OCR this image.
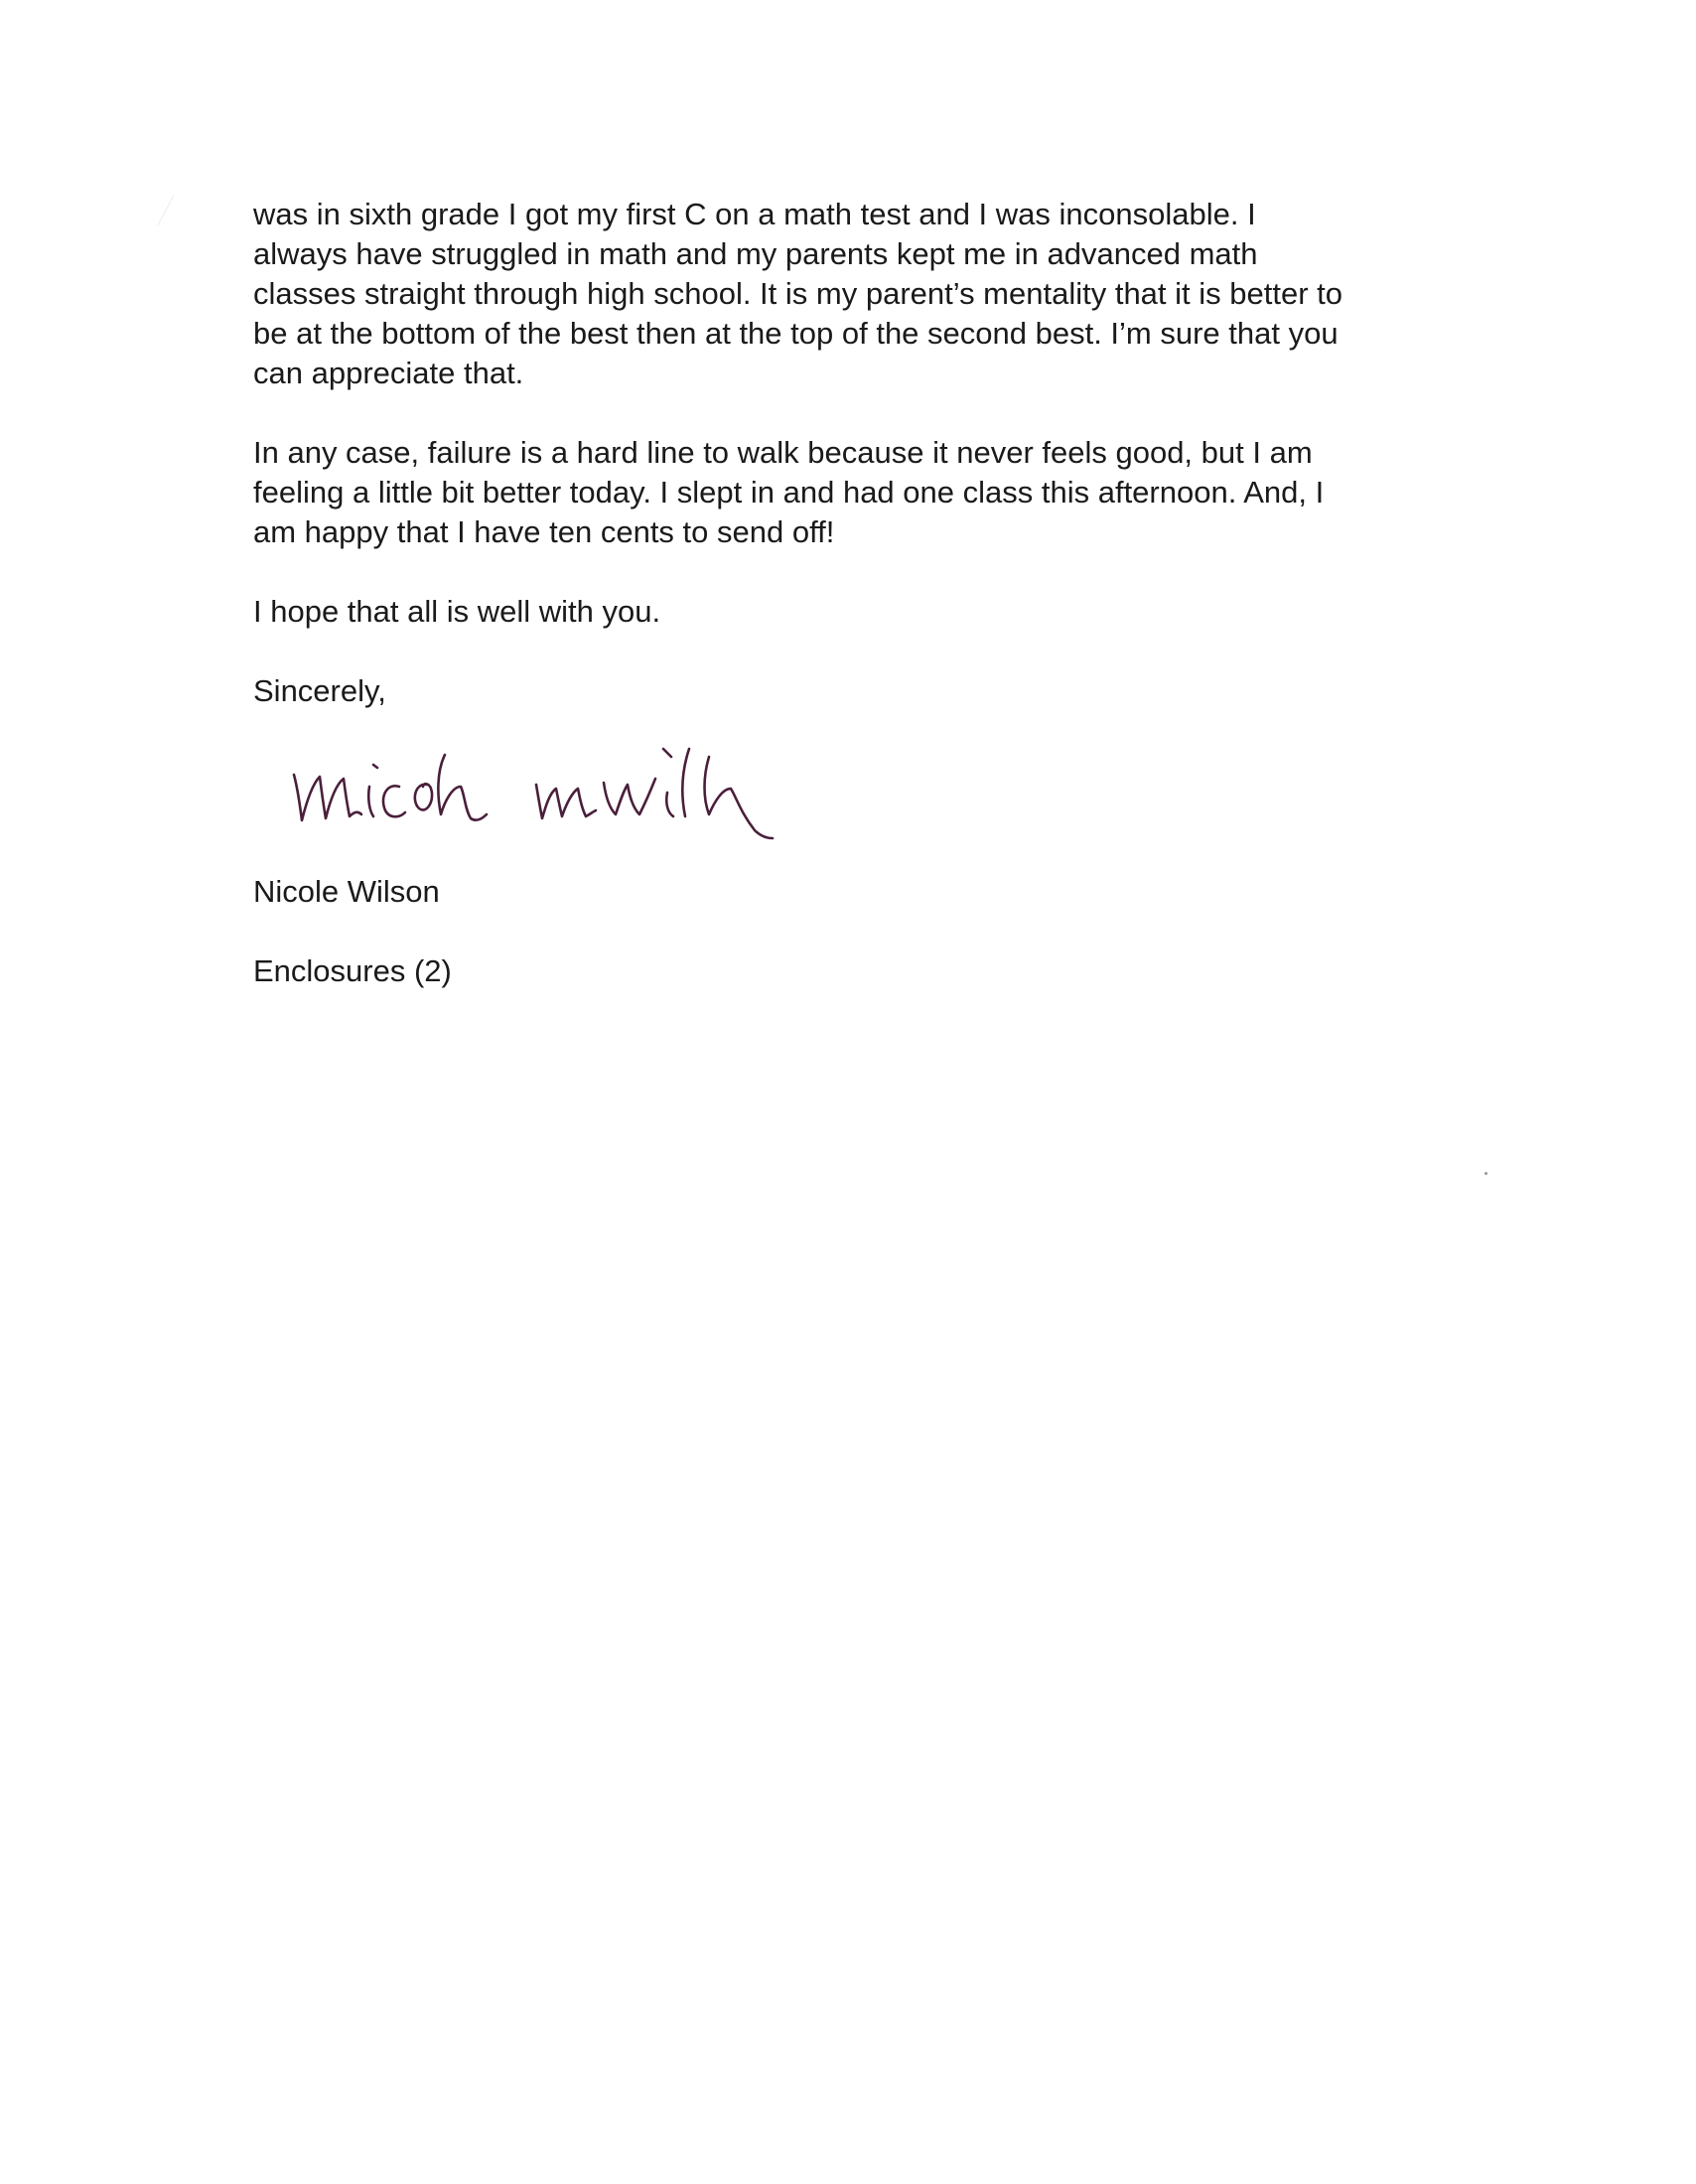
was in sixth grade I got my first C on a math test and I was inconsolable. I
always have struggled in math and my parents kept me in advanced math
classes straight through high school. It is my parent’s mentality that it is better to
be at the bottom of the best then at the top of the second best. I’m sure that you
can appreciate that.

In any case, failure is a hard line to walk because it never feels good, but I am
feeling a little bit better today. I slept in and had one class this afternoon. And, I
am happy that I have ten cents to send off!

I hope that all is well with you.

Sincerely,

Nicole Wilson
Enclosures (2)
